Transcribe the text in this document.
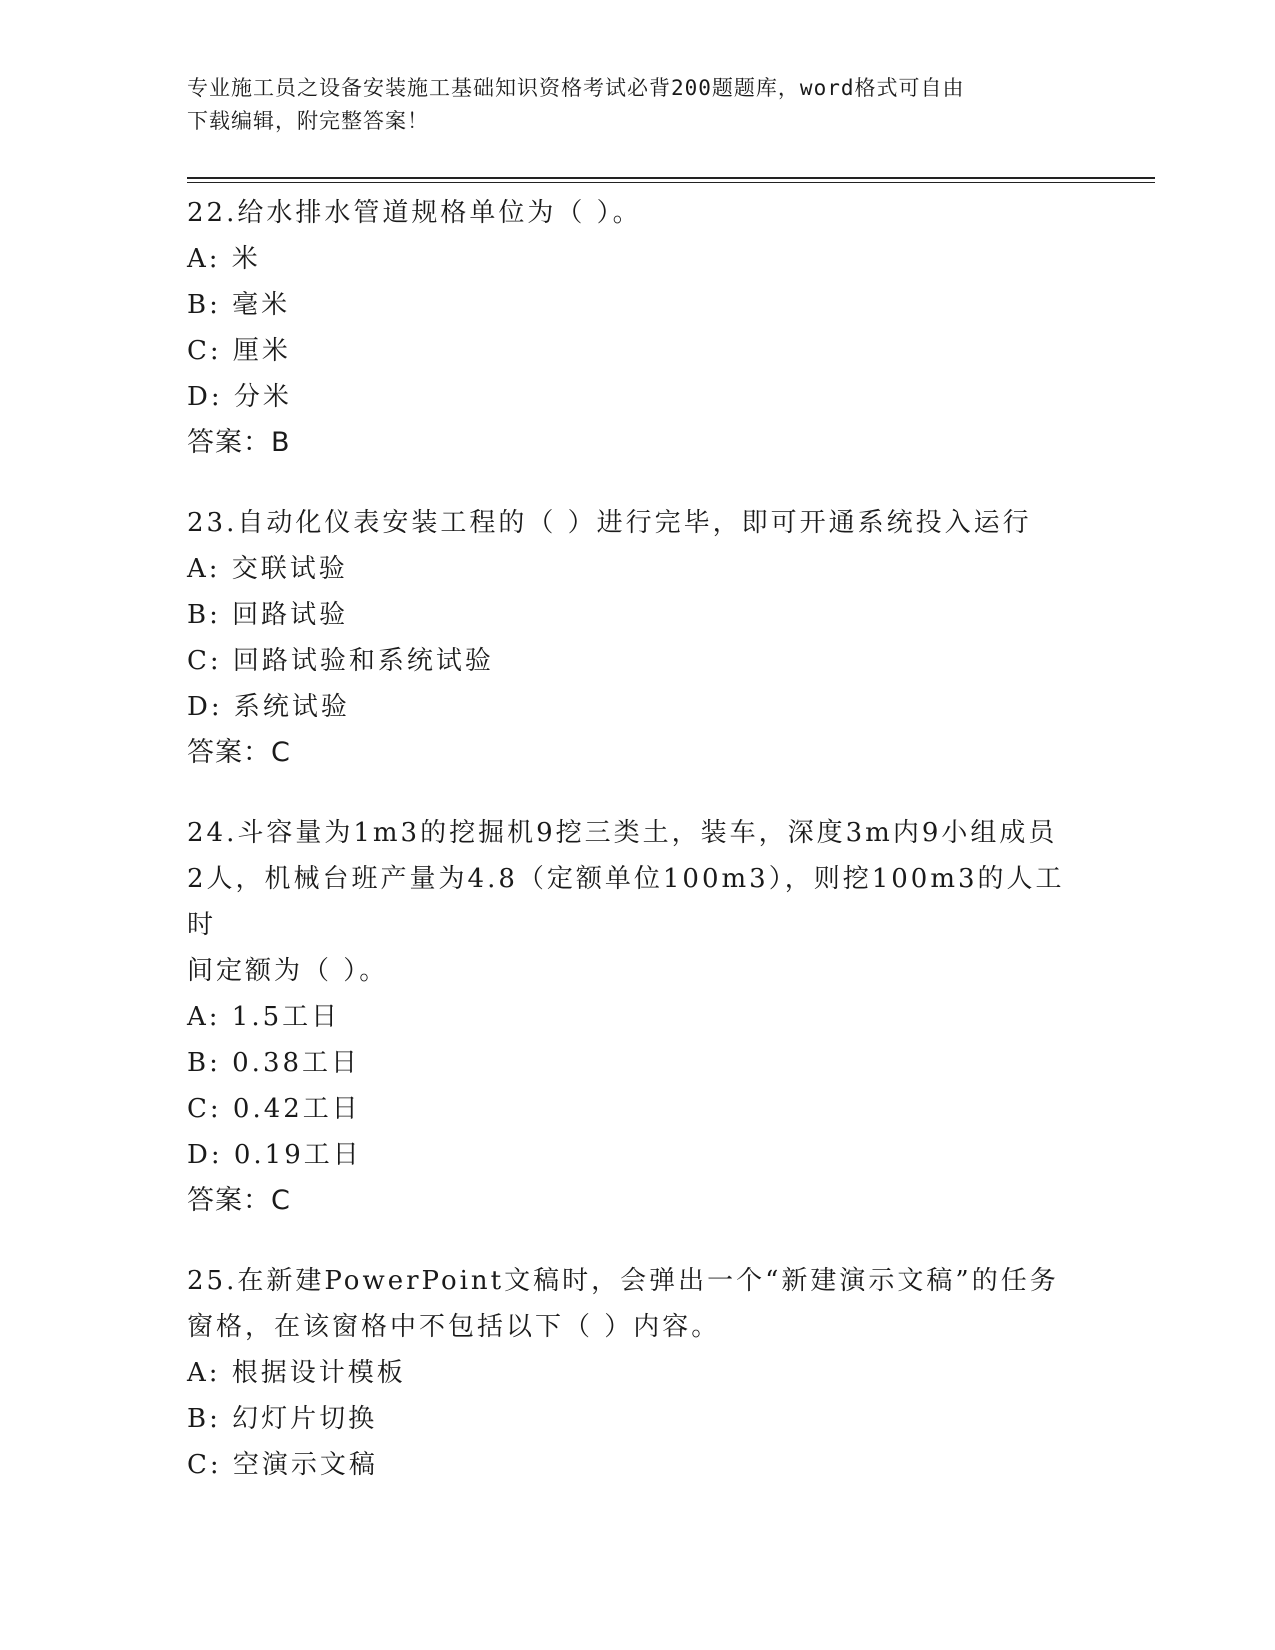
专业施工员之设备安装施工基础知识资格考试必背200题题库，word格式可自由
下载编辑，附完整答案！

22.给水排水管道规格单位为（ ）。

A: 米

B: 毫米

C: 厘米

D: 分米

答案：B

23.自动化仪表安装工程的（ ）进行完毕，即可开通系统投入运行

A: 交联试验

B: 回路试验

C: 回路试验和系统试验

D: 系统试验

答案：C

24.斗容量为1m3的挖掘机9挖三类土，装车，深度3m内9小组成员

2人，机械台班产量为4.8（定额单位100m3），则挖100m3的人工时

间定额为（ ）。

A: 1.5工日

B: 0.38工日

C: 0.42工日

D: 0.19工日

答案：C

25.在新建PowerPoint文稿时，会弹出一个“新建演示文稿”的任务

窗格，在该窗格中不包括以下（ ）内容。

A: 根据设计模板

B: 幻灯片切换

C: 空演示文稿
